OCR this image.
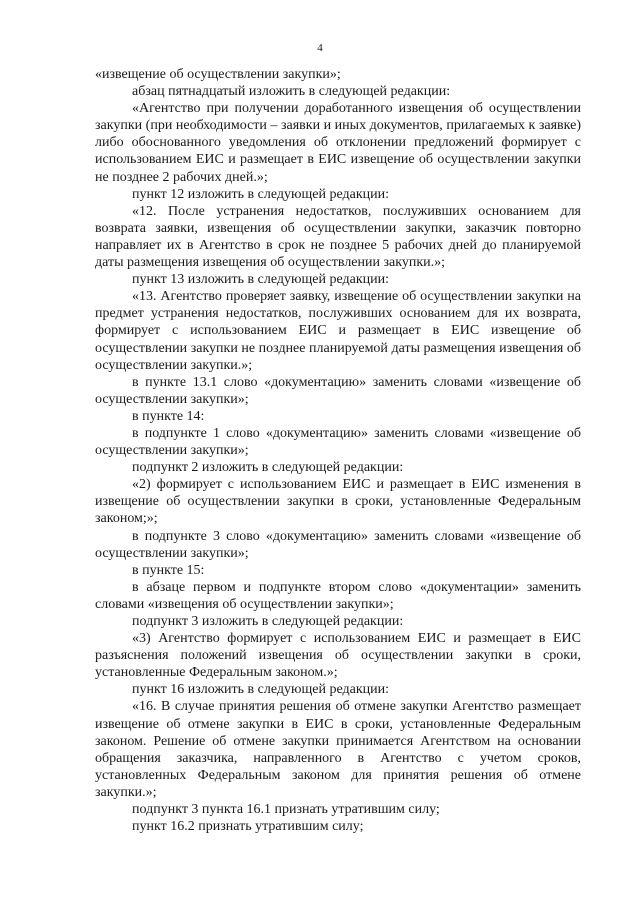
4

«извещение об осуществлении закупки»;

абзац пятнадцатый изложить в следующей редакции:

«Агентство при получении доработанного извещения об осуществлении закупки (при необходимости – заявки и иных документов, прилагаемых к заявке) либо обоснованного уведомления об отклонении предложений формирует с использованием ЕИС и размещает в ЕИС извещение об осуществлении закупки не позднее 2 рабочих дней.»;

пункт 12 изложить в следующей редакции:

«12. После устранения недостатков, послуживших основанием для возврата заявки, извещения об осуществлении закупки, заказчик повторно направляет их в Агентство в срок не позднее 5 рабочих дней до планируемой даты размещения извещения об осуществлении закупки.»;

пункт 13 изложить в следующей редакции:

«13. Агентство проверяет заявку, извещение об осуществлении закупки на предмет устранения недостатков, послуживших основанием для их возврата, формирует с использованием ЕИС и размещает в ЕИС извещение об осуществлении закупки не позднее планируемой даты размещения извещения об осуществлении закупки.»;

в пункте 13.1 слово «документацию» заменить словами «извещение об осуществлении закупки»;

в пункте 14:

в подпункте 1 слово «документацию» заменить словами «извещение об осуществлении закупки»;

подпункт 2 изложить в следующей редакции:

«2) формирует с использованием ЕИС и размещает в ЕИС изменения в извещение об осуществлении закупки в сроки, установленные Федеральным законом;»;

в подпункте 3 слово «документацию» заменить словами «извещение об осуществлении закупки»;

в пункте 15:

в абзаце первом и подпункте втором слово «документации» заменить словами «извещения об осуществлении закупки»;

подпункт 3 изложить в следующей редакции:

«3) Агентство формирует с использованием ЕИС и размещает в ЕИС разъяснения положений извещения об осуществлении закупки в сроки, установленные Федеральным законом.»;

пункт 16 изложить в следующей редакции:

«16. В случае принятия решения об отмене закупки Агентство размещает извещение об отмене закупки в ЕИС в сроки, установленные Федеральным законом. Решение об отмене закупки принимается Агентством на основании обращения заказчика, направленного в Агентство с учетом сроков, установленных Федеральным законом для принятия решения об отмене закупки.»;

подпункт 3 пункта 16.1 признать утратившим силу;

пункт 16.2 признать утратившим силу;
